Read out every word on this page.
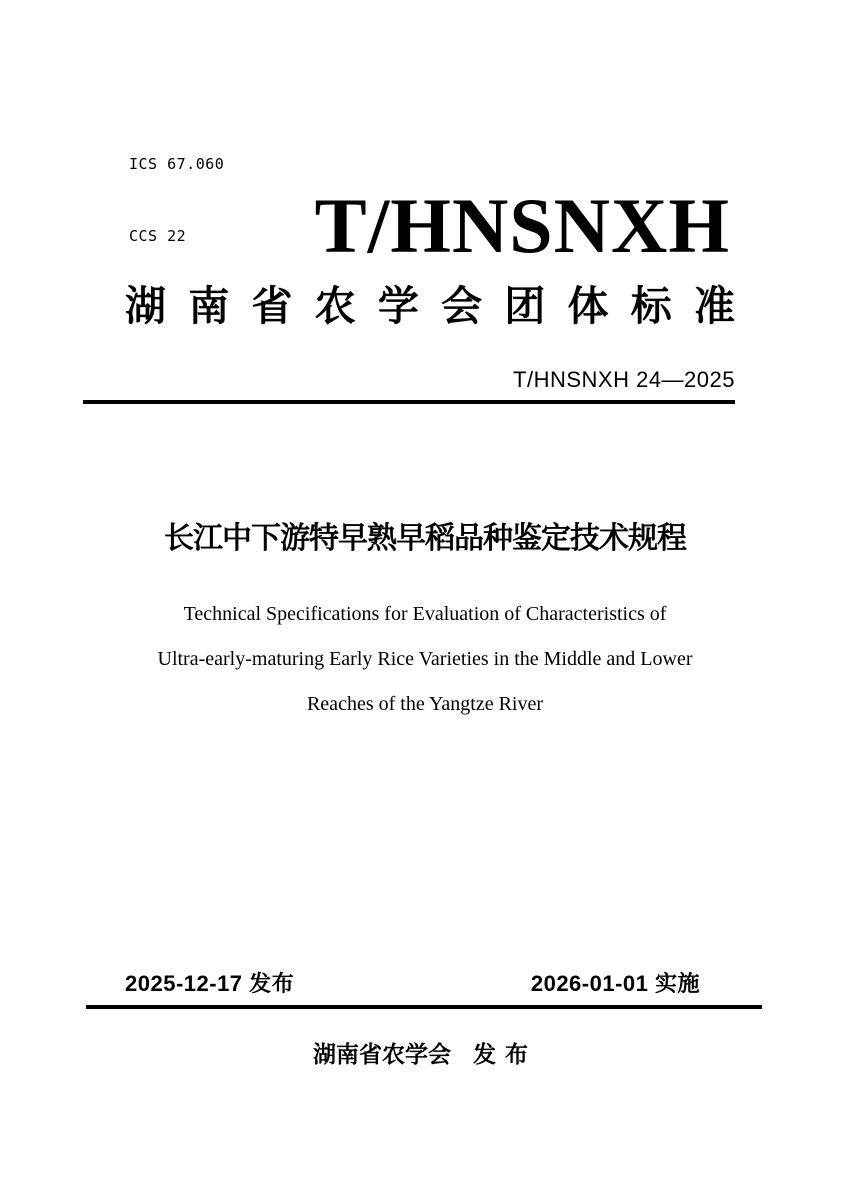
ICS 67.060

CCS 22

	T/HNSNXH
湖 南 省 农 学 会 团 体 标 准
T/HNSNXH 24—2025
长江中下游特早熟早稻品种鉴定技术规程
Technical Specifications for Evaluation of Characteristics of
Ultra-early-maturing Early Rice Varieties in the Middle and Lower
Reaches of the Yangtze River
2025-12-17 发布	2026-01-01 实施
湖南省农学会 发布
